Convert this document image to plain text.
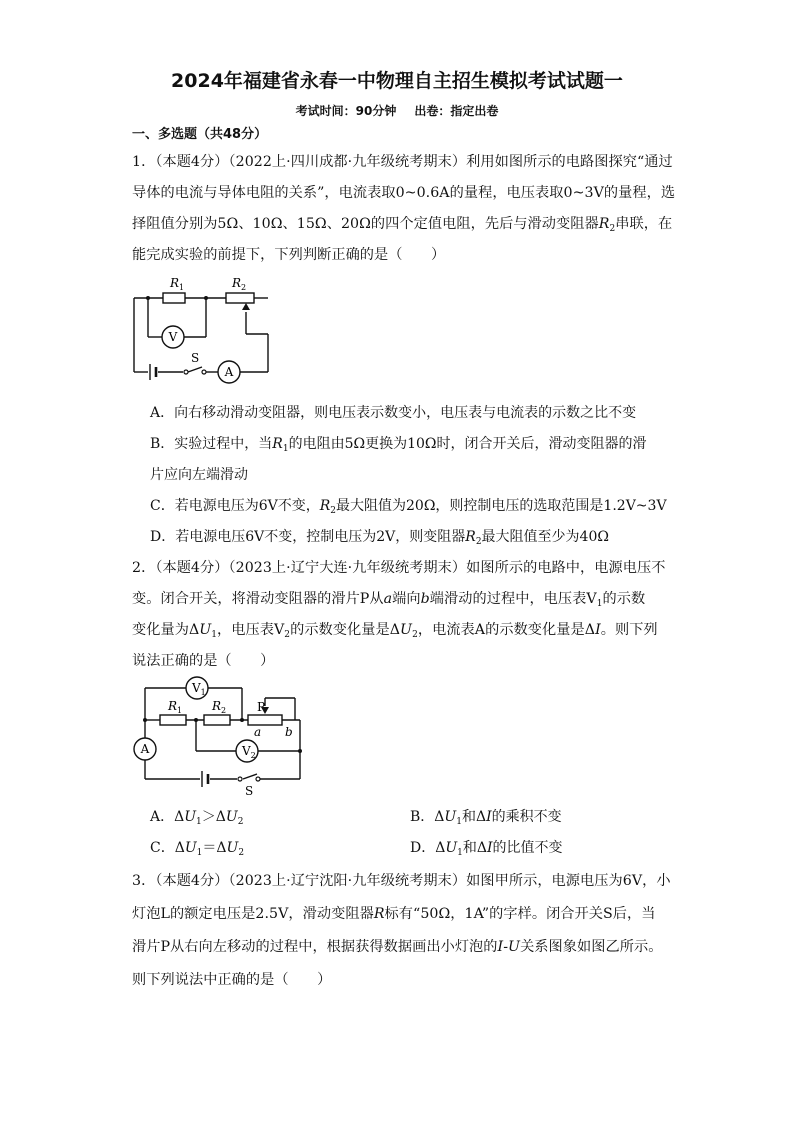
2024年福建省永春一中物理自主招生模拟考试试题一
考试时间：90分钟 出卷：指定出卷
一、多选题（共48分）
1．（本题4分）（2022上·四川成都·九年级统考期末）利用如图所示的电路图探究“通过
导体的电流与导体电阻的关系”，电流表取0~0.6A的量程，电压表取0~3V的量程，选
择阻值分别为5Ω、10Ω、15Ω、20Ω的四个定值电阻，先后与滑动变阻器$R_2$串联，在
能完成实验的前提下，下列判断正确的是（　　）
$R_1$	$R_2$
V
A
S
A．向右移动滑动变阻器，则电压表示数变小，电压表与电流表的示数之比不变
B．实验过程中，当$R_1$的电阻由5Ω更换为10Ω时，闭合开关后，滑动变阻器的滑
片应向左端滑动
C．若电源电压为6V不变，$R_2$最大阻值为20Ω，则控制电压的选取范围是1.2V~3V
D．若电源电压6V不变，控制电压为2V，则变阻器$R_2$最大阻值至少为40Ω
2．（本题4分）（2023上·辽宁大连·九年级统考期末）如图所示的电路中，电源电压不
变。闭合开关，将滑动变阻器的滑片P从a端向b端滑动的过程中，电压表$V_1$的示数
变化量为$\Delta U_1$，电压表$V_2$的示数变化量是$\Delta U_2$，电流表A的示数变化量是ΔI。则下列
说法正确的是（　　）
$V_1$
$V_2$
A
$R_1$ $R_2$	P
a b
S
A．$\Delta U_1>\Delta U_2$	B．$\Delta U_1$和ΔI的乘积不变
C．$\Delta U_1=\Delta U_2$	D．$\Delta U_1$和ΔI的比值不变
3．（本题4分）（2023上·辽宁沈阳·九年级统考期末）如图甲所示，电源电压为6V，小
灯泡L的额定电压是2.5V，滑动变阻器R标有“50Ω，1A”的字样。闭合开关S后，当
滑片P从右向左移动的过程中，根据获得数据画出小灯泡的I-U关系图象如图乙所示。
则下列说法中正确的是（　　）
